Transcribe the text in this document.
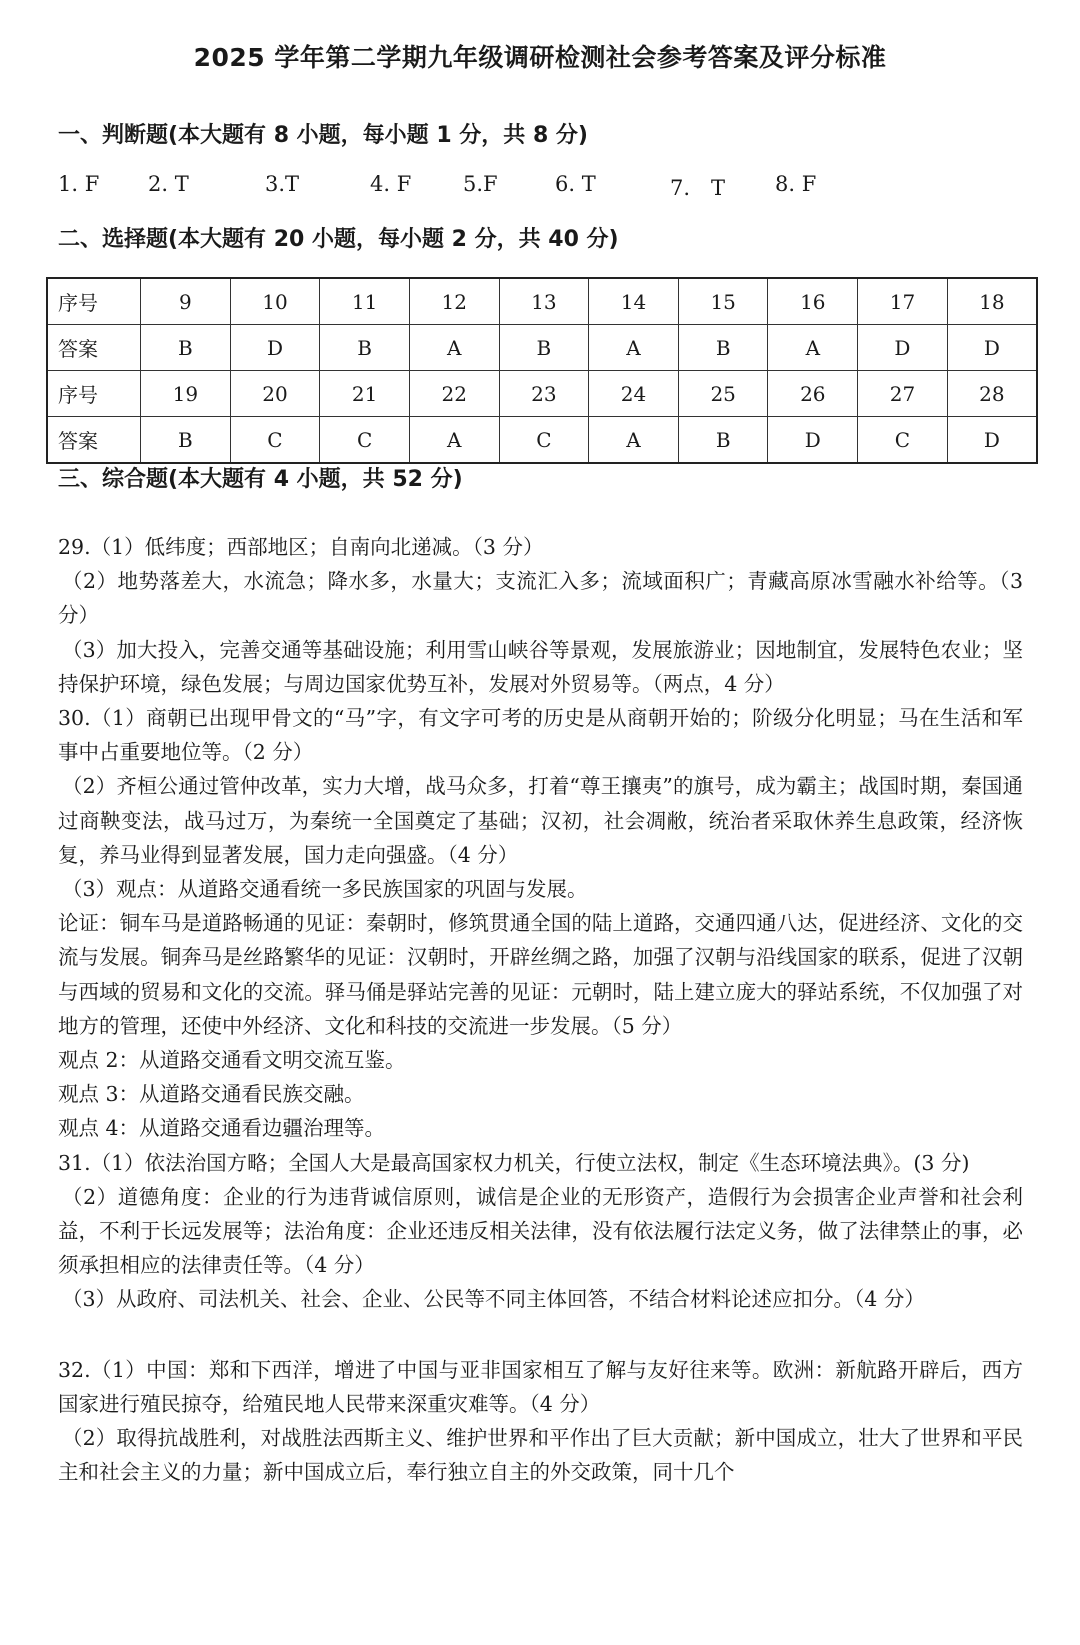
2025 学年第二学期九年级调研检测社会参考答案及评分标准
一、判断题(本大题有 8 小题，每小题 1 分，共 8 分)
1. F 2. T	3.T	4. F 5.F	6. T	7.　T 8. F
二、选择题(本大题有 20 小题，每小题 2 分，共 40 分)
序号	9	10	11	12	13	14	15	16	17	18
答案	B	D	B	A	B	A	B	A	D	D
序号	19	20	21	22	23	24	25	26	27	28
答案	B	C	C	A	C	A	B	D	C	D
三、综合题(本大题有 4 小题，共 52 分)

29.（1）低纬度；西部地区；自南向北递减。（3 分）

（2）地势落差大，水流急；降水多，水量大；支流汇入多；流域面积广；青藏高原冰雪融水补给等。（3 分）

（3）加大投入，完善交通等基础设施；利用雪山峡谷等景观，发展旅游业；因地制宜，发展特色农业；坚持保护环境，绿色发展；与周边国家优势互补，发展对外贸易等。（两点，4 分）

30.（1）商朝已出现甲骨文的“马”字，有文字可考的历史是从商朝开始的；阶级分化明显；马在生活和军事中占重要地位等。（2 分）

（2）齐桓公通过管仲改革，实力大增，战马众多，打着“尊王攘夷”的旗号，成为霸主；战国时期，秦国通过商鞅变法，战马过万，为秦统一全国奠定了基础；汉初，社会凋敝，统治者采取休养生息政策，经济恢复，养马业得到显著发展，国力走向强盛。（4 分）

（3）观点：从道路交通看统一多民族国家的巩固与发展。

论证：铜车马是道路畅通的见证：秦朝时，修筑贯通全国的陆上道路，交通四通八达，促进经济、文化的交流与发展。铜奔马是丝路繁华的见证：汉朝时，开辟丝绸之路，加强了汉朝与沿线国家的联系，促进了汉朝与西域的贸易和文化的交流。驿马俑是驿站完善的见证：元朝时，陆上建立庞大的驿站系统，不仅加强了对地方的管理，还使中外经济、文化和科技的交流进一步发展。（5 分）

观点 2：从道路交通看文明交流互鉴。

观点 3：从道路交通看民族交融。

观点 4：从道路交通看边疆治理等。

31.（1）依法治国方略；全国人大是最高国家权力机关，行使立法权，制定《生态环境法典》。(3 分)

（2）道德角度：企业的行为违背诚信原则，诚信是企业的无形资产，造假行为会损害企业声誉和社会利益，不利于长远发展等；法治角度：企业还违反相关法律，没有依法履行法定义务，做了法律禁止的事，必须承担相应的法律责任等。（4 分）

（3）从政府、司法机关、社会、企业、公民等不同主体回答，不结合材料论述应扣分。（4 分）

32.（1）中国：郑和下西洋，增进了中国与亚非国家相互了解与友好往来等。欧洲：新航路开辟后，西方国家进行殖民掠夺，给殖民地人民带来深重灾难等。（4 分）

（2）取得抗战胜利，对战胜法西斯主义、维护世界和平作出了巨大贡献；新中国成立，壮大了世界和平民主和社会主义的力量；新中国成立后，奉行独立自主的外交政策，同十几个
